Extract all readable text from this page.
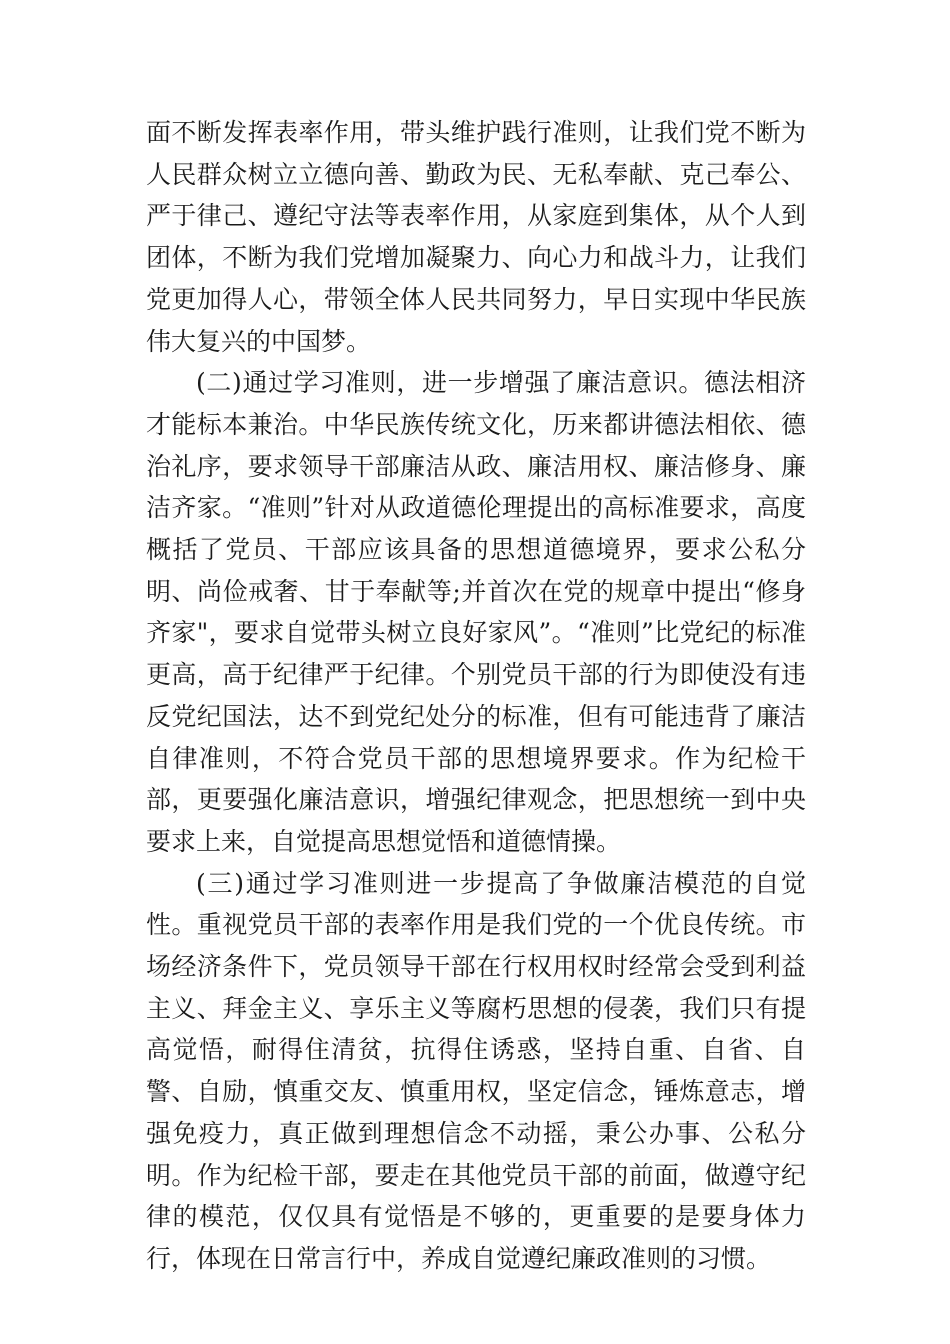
面不断发挥表率作用，带头维护践行准则，让我们党不断为人民群众树立立德向善、勤政为民、无私奉献、克己奉公、严于律己、遵纪守法等表率作用，从家庭到集体，从个人到团体，不断为我们党增加凝聚力、向心力和战斗力，让我们党更加得人心，带领全体人民共同努力，早日实现中华民族伟大复兴的中国梦。

(二)通过学习准则，进一步增强了廉洁意识。德法相济才能标本兼治。中华民族传统文化，历来都讲德法相依、德治礼序，要求领导干部廉洁从政、廉洁用权、廉洁修身、廉洁齐家。“准则”针对从政道德伦理提出的高标准要求，高度概括了党员、干部应该具备的思想道德境界，要求公私分明、尚俭戒奢、甘于奉献等;并首次在党的规章中提出“修身齐家"，要求自觉带头树立良好家风”。“准则”比党纪的标准更高，高于纪律严于纪律。个别党员干部的行为即使没有违反党纪国法，达不到党纪处分的标准，但有可能违背了廉洁自律准则，不符合党员干部的思想境界要求。作为纪检干部，更要强化廉洁意识，增强纪律观念，把思想统一到中央要求上来，自觉提高思想觉悟和道德情操。

(三)通过学习准则进一步提高了争做廉洁模范的自觉性。重视党员干部的表率作用是我们党的一个优良传统。市场经济条件下，党员领导干部在行权用权时经常会受到利益主义、拜金主义、享乐主义等腐朽思想的侵袭，我们只有提高觉悟，耐得住清贫，抗得住诱惑，坚持自重、自省、自警、自励，慎重交友、慎重用权，坚定信念，锤炼意志，增强免疫力，真正做到理想信念不动摇，秉公办事、公私分明。作为纪检干部，要走在其他党员干部的前面，做遵守纪律的模范，仅仅具有觉悟是不够的，更重要的是要身体力行，体现在日常言行中，养成自觉遵纪廉政准则的习惯。
